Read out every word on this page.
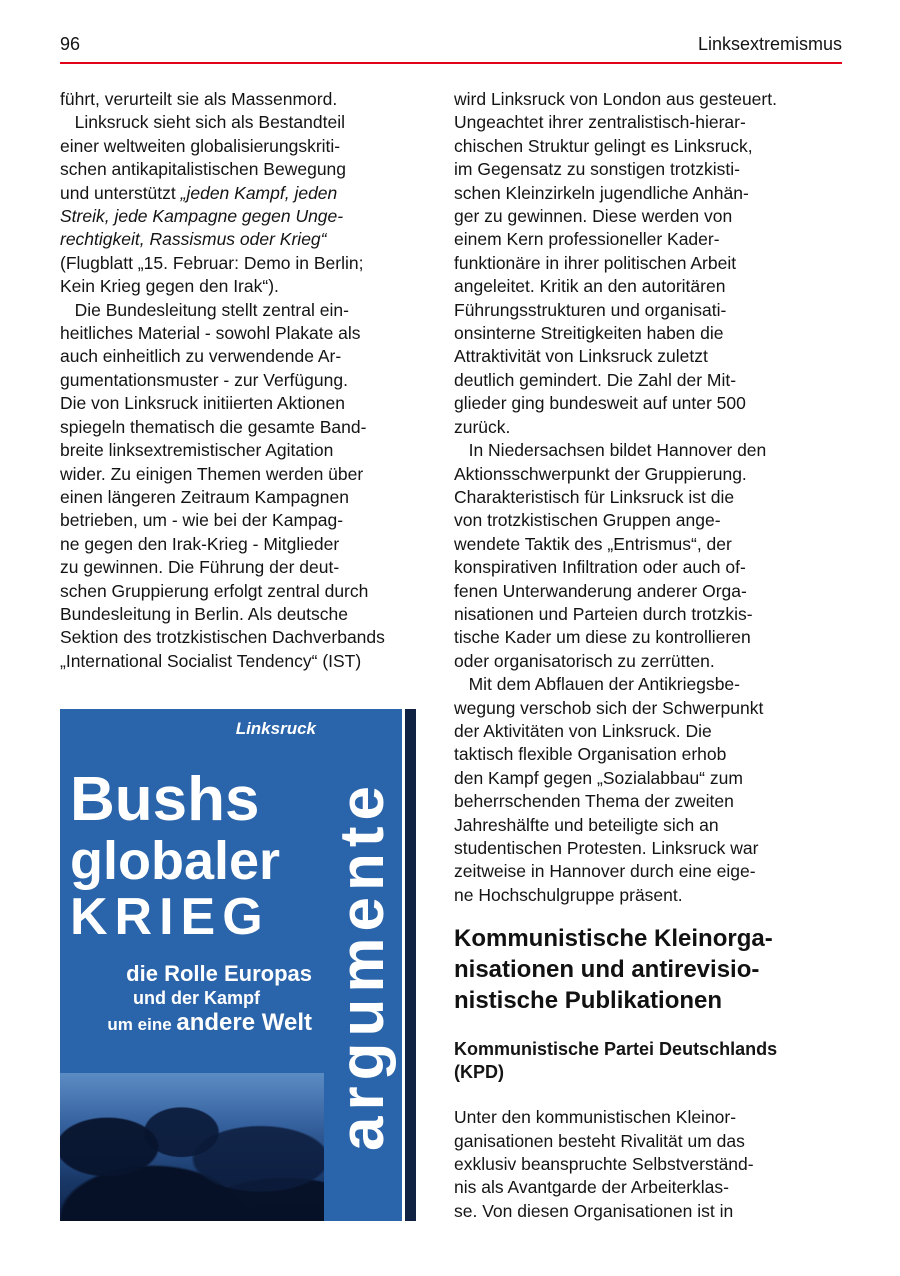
96	Linksextremismus
führt, verurteilt sie als Massenmord.
Linksruck sieht sich als Bestandteil
einer weltweiten globalisierungskriti-
schen antikapitalistischen Bewegung
und unterstützt „jeden Kampf, jeden
Streik, jede Kampagne gegen Unge-
rechtigkeit, Rassismus oder Krieg“
(Flugblatt „15. Februar: Demo in Berlin;
Kein Krieg gegen den Irak“).
Die Bundesleitung stellt zentral ein-
heitliches Material - sowohl Plakate als
auch einheitlich zu verwendende Ar-
gumentationsmuster - zur Verfügung.
Die von Linksruck initiierten Aktionen
spiegeln thematisch die gesamte Band-
breite linksextremistischer Agitation
wider. Zu einigen Themen werden über
einen längeren Zeitraum Kampagnen
betrieben, um - wie bei der Kampag-
ne gegen den Irak-Krieg - Mitglieder
zu gewinnen. Die Führung der deut-
schen Gruppierung erfolgt zentral durch
Bundesleitung in Berlin. Als deutsche
Sektion des trotzkistischen Dachverbands
„International Socialist Tendency“ (IST)
Linksruck
Bushs
globaler
KRIEG
die Rolle Europas
und der Kampf
um eine andere Welt argumente
wird Linksruck von London aus gesteuert.
Ungeachtet ihrer zentralistisch-hierar-
chischen Struktur gelingt es Linksruck,
im Gegensatz zu sonstigen trotzkisti-
schen Kleinzirkeln jugendliche Anhän-
ger zu gewinnen. Diese werden von
einem Kern professioneller Kader-
funktionäre in ihrer politischen Arbeit
angeleitet. Kritik an den autoritären
Führungsstrukturen und organisati-
onsinterne Streitigkeiten haben die
Attraktivität von Linksruck zuletzt
deutlich gemindert. Die Zahl der Mit-
glieder ging bundesweit auf unter 500
zurück.
In Niedersachsen bildet Hannover den
Aktionsschwerpunkt der Gruppierung.
Charakteristisch für Linksruck ist die
von trotzkistischen Gruppen ange-
wendete Taktik des „Entrismus“, der
konspirativen Infiltration oder auch of-
fenen Unterwanderung anderer Orga-
nisationen und Parteien durch trotzkis-
tische Kader um diese zu kontrollieren
oder organisatorisch zu zerrütten.
Mit dem Abflauen der Antikriegsbe-
wegung verschob sich der Schwerpunkt
der Aktivitäten von Linksruck. Die
taktisch flexible Organisation erhob
den Kampf gegen „Sozialabbau“ zum
beherrschenden Thema der zweiten
Jahreshälfte und beteiligte sich an
studentischen Protesten. Linksruck war
zeitweise in Hannover durch eine eige-
ne Hochschulgruppe präsent.
Kommunistische Kleinorga-
nisationen und antirevisio-
nistische Publikationen
Kommunistische Partei Deutschlands
(KPD)
Unter den kommunistischen Kleinor-
ganisationen besteht Rivalität um das
exklusiv beanspruchte Selbstverständ-
nis als Avantgarde der Arbeiterklas-
se. Von diesen Organisationen ist in
